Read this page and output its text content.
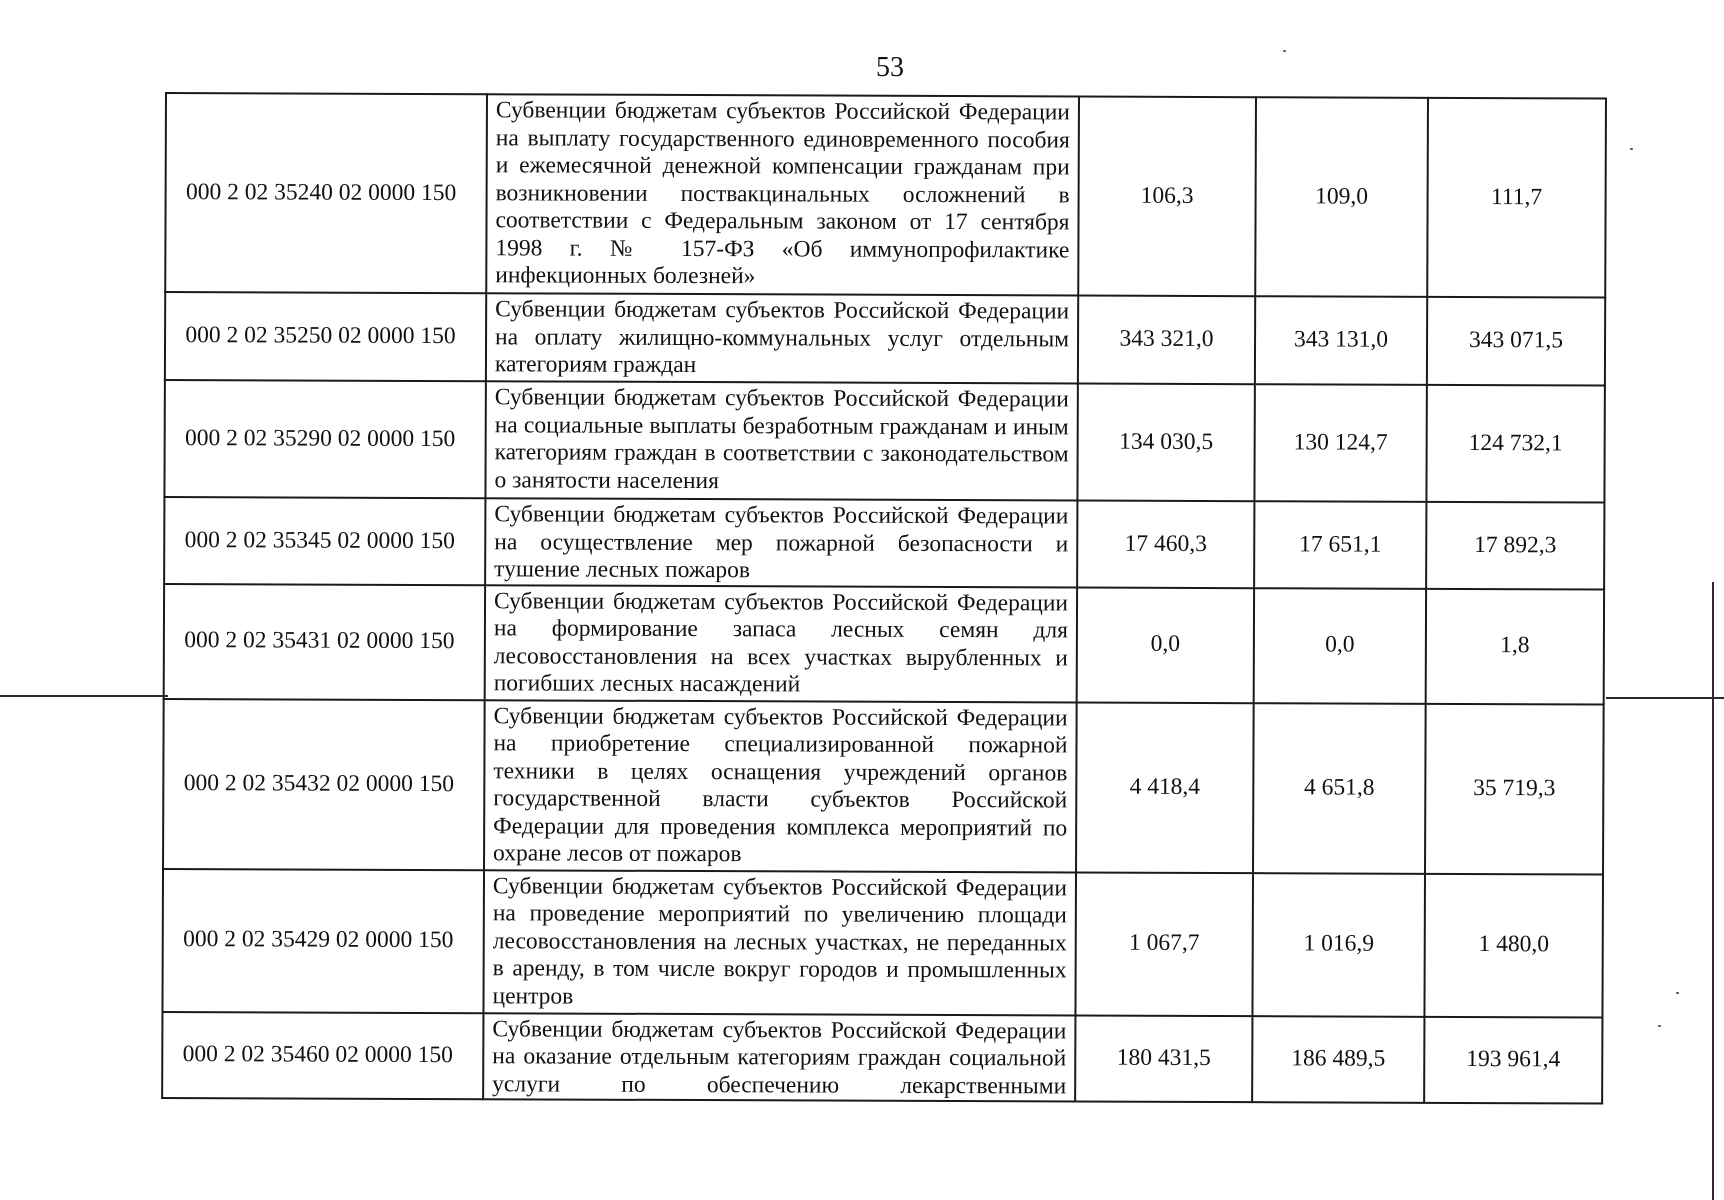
53
000 2 02 35240 02 0000 150	Субвенции бюджетам субъектов Российской Федерации на выплату государственного единовременного пособия и ежемесячной денежной компенсации гражданам при возникновении поствакцинальных осложнений в соответствии с Федеральным законом от 17 сентября 1998 г. № 157-ФЗ «Об иммунопрофилактике инфекционных болезней»	106,3	109,0	111,7
000 2 02 35250 02 0000 150	Субвенции бюджетам субъектов Российской Федерации на оплату жилищно-коммунальных услуг отдельным категориям граждан	343 321,0	343 131,0	343 071,5
000 2 02 35290 02 0000 150	Субвенции бюджетам субъектов Российской Федерации на социальные выплаты безработным гражданам и иным категориям граждан в соответствии с законодательством о занятости населения	134 030,5	130 124,7	124 732,1
000 2 02 35345 02 0000 150	Субвенции бюджетам субъектов Российской Федерации на осуществление мер пожарной безопасности и тушение лесных пожаров	17 460,3	17 651,1	17 892,3
000 2 02 35431 02 0000 150	Субвенции бюджетам субъектов Российской Федерации на формирование запаса лесных семян для лесовосстановления на всех участках вырубленных и погибших лесных насаждений	0,0	0,0	1,8
000 2 02 35432 02 0000 150	Субвенции бюджетам субъектов Российской Федерации на приобретение специализированной пожарной техники в целях оснащения учреждений органов государственной власти субъектов Российской Федерации для проведения комплекса мероприятий по охране лесов от пожаров	4 418,4	4 651,8	35 719,3
000 2 02 35429 02 0000 150	Субвенции бюджетам субъектов Российской Федерации на проведение мероприятий по увеличению площади лесовосстановления на лесных участках, не переданных в аренду, в том числе вокруг городов и промышленных центров	1 067,7	1 016,9	1 480,0
000 2 02 35460 02 0000 150	Субвенции бюджетам субъектов Российской Федерации на оказание отдельным категориям граждан социальной услуги по обеспечению лекарственными	180 431,5	186 489,5	193 961,4
